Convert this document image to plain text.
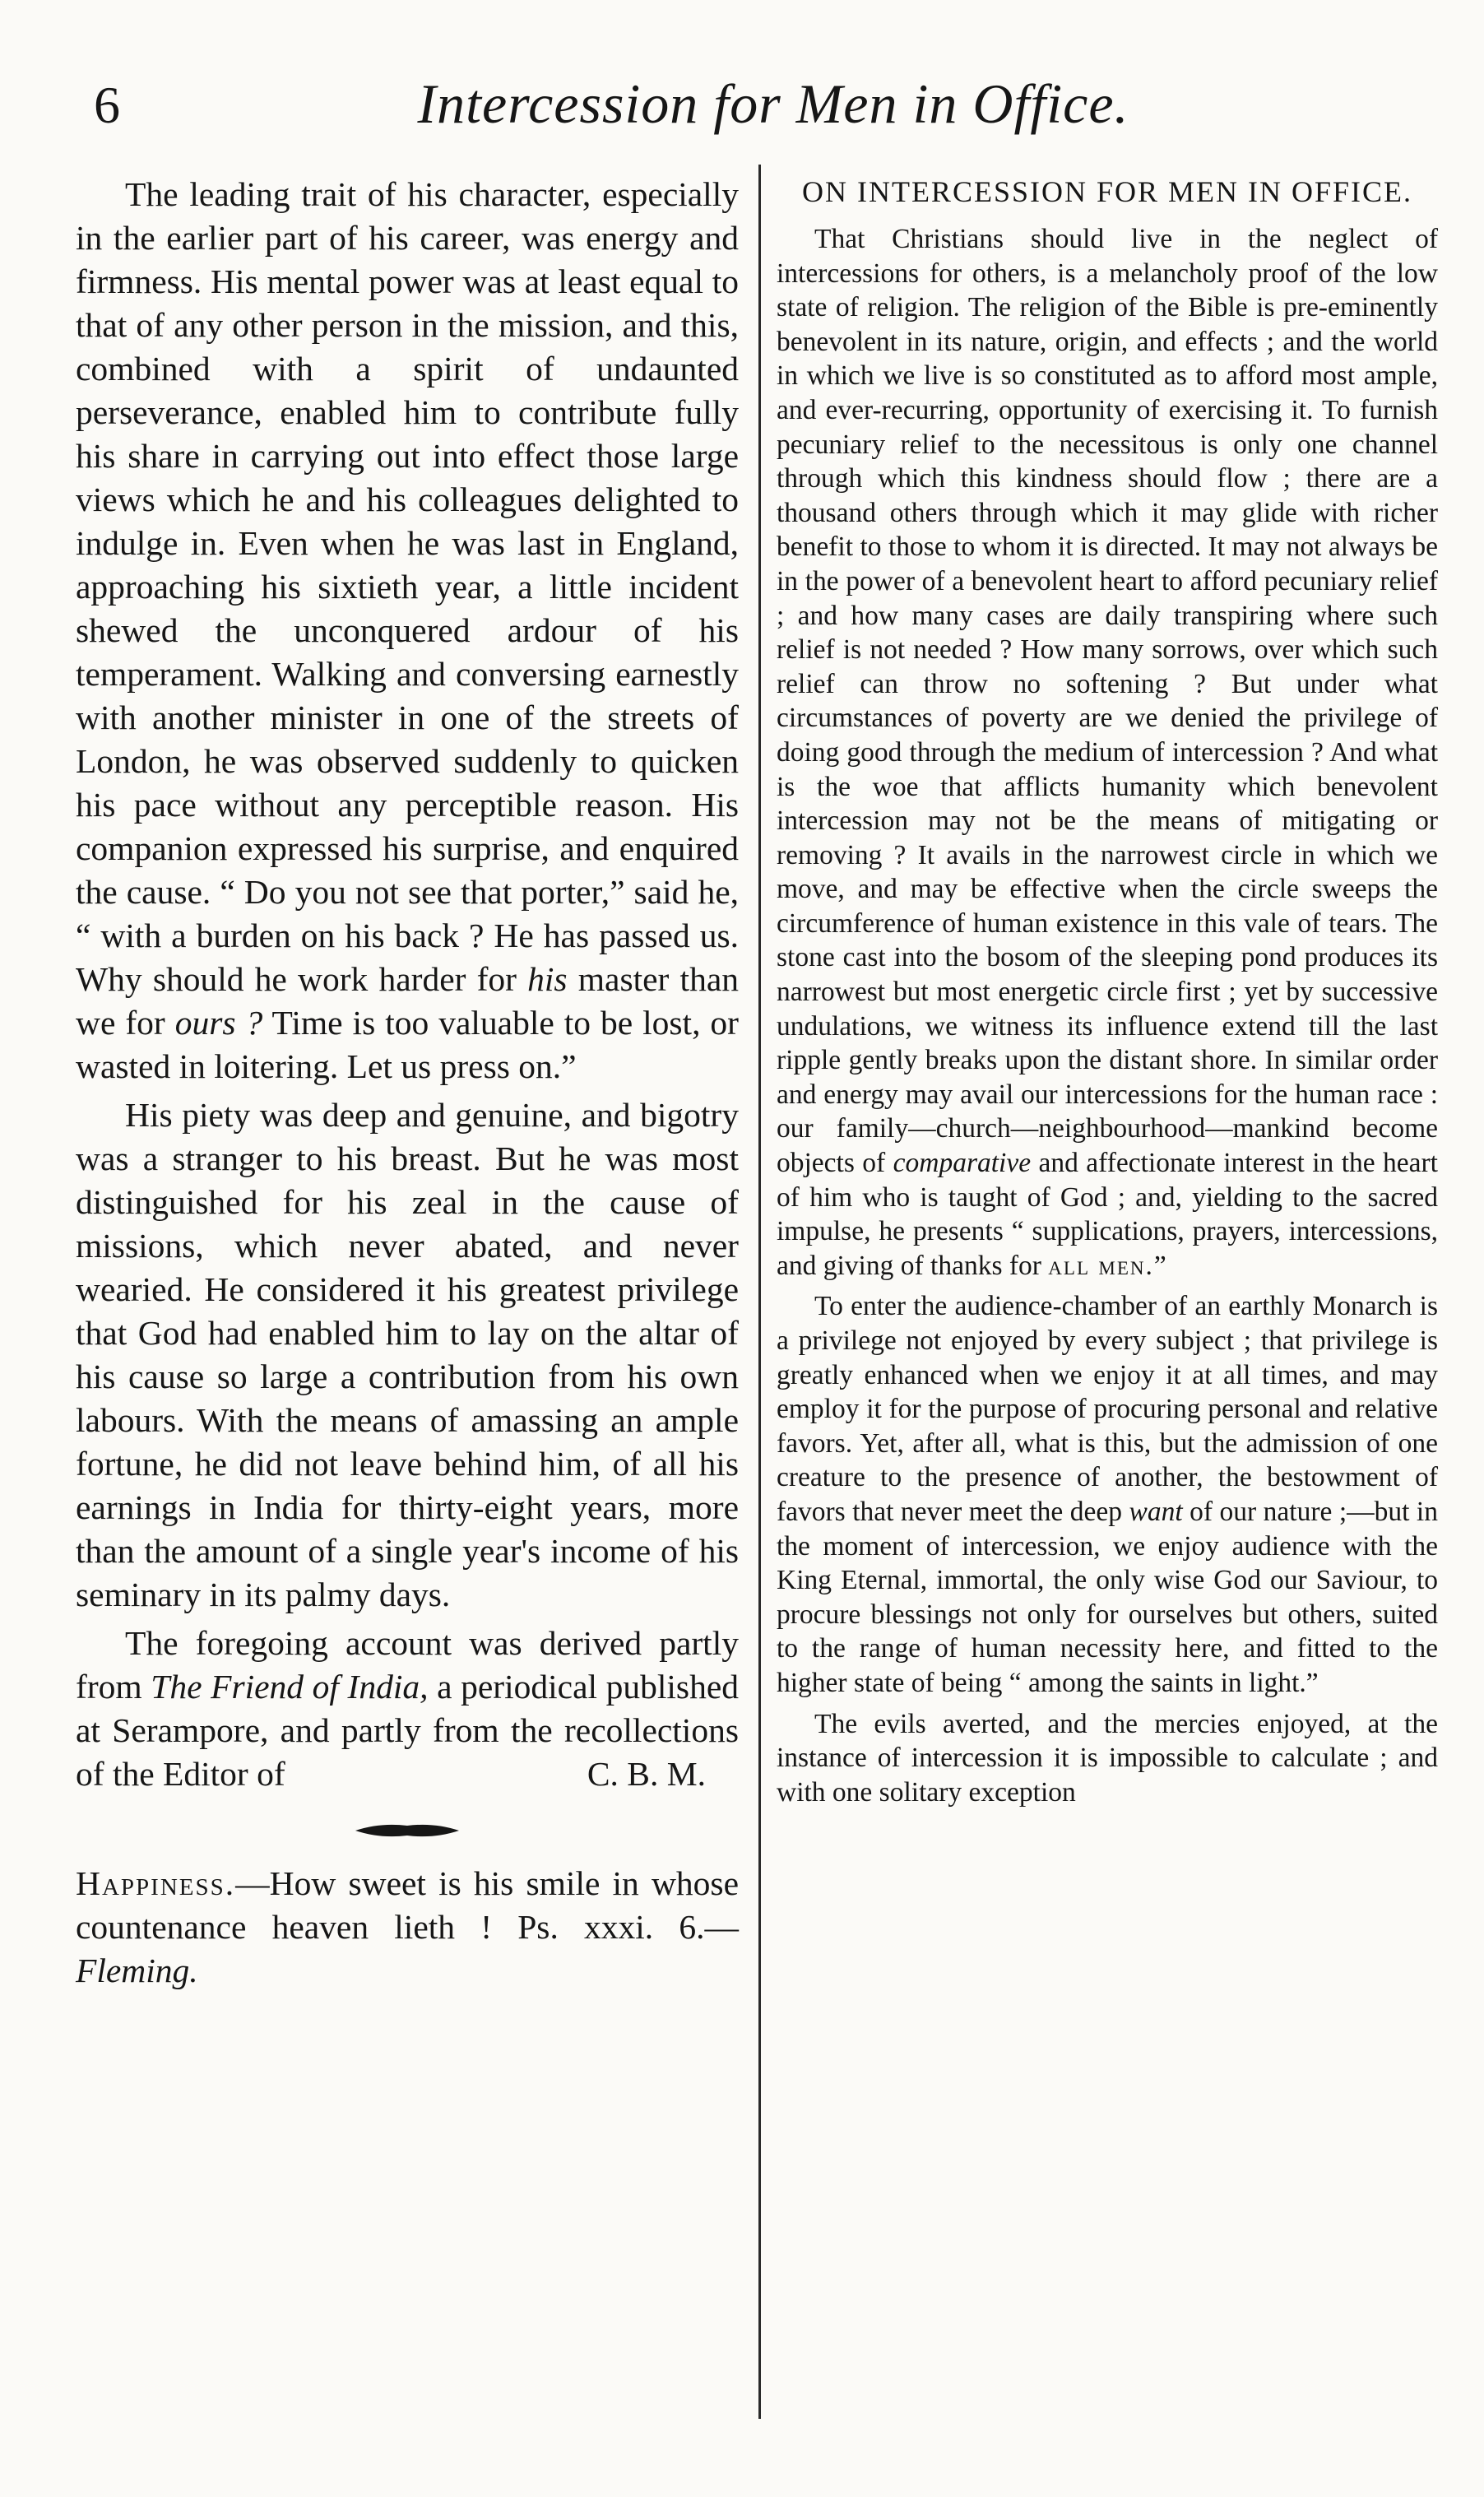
6	Intercession for Men in Office.

The leading trait of his character, especially in the earlier part of his career, was energy and firmness. His mental power was at least equal to that of any other person in the mission, and this, combined with a spirit of undaunted perseverance, enabled him to contribute fully his share in carrying out into effect those large views which he and his colleagues delighted to indulge in. Even when he was last in England, approaching his sixtieth year, a little incident shewed the unconquered ardour of his temperament. Walking and conversing earnestly with another minister in one of the streets of London, he was observed suddenly to quicken his pace without any perceptible reason. His companion expressed his surprise, and enquired the cause. “ Do you not see that porter,” said he, “ with a burden on his back ? He has passed us. Why should he work harder for his master than we for ours ? Time is too valuable to be lost, or wasted in loitering. Let us press on.”

His piety was deep and genuine, and bigotry was a stranger to his breast. But he was most distinguished for his zeal in the cause of missions, which never abated, and never wearied. He considered it his greatest privilege that God had enabled him to lay on the altar of his cause so large a contribution from his own labours. With the means of amassing an ample fortune, he did not leave behind him, of all his earnings in India for thirty-eight years, more than the amount of a single year's income of his seminary in its palmy days.

The foregoing account was derived partly from The Friend of India, a periodical published at Serampore, and partly from the recollections of the Editor of	C. B. M.

Happiness.—How sweet is his smile in whose countenance heaven lieth ! Ps. xxxi. 6.—Fleming.

ON INTERCESSION FOR MEN IN OFFICE.

That Christians should live in the neglect of intercessions for others, is a melancholy proof of the low state of religion. The religion of the Bible is pre-eminently benevolent in its nature, origin, and effects ; and the world in which we live is so constituted as to afford most ample, and ever-recurring, opportunity of exercising it. To furnish pecuniary relief to the necessitous is only one channel through which this kindness should flow ; there are a thousand others through which it may glide with richer benefit to those to whom it is directed. It may not always be in the power of a benevolent heart to afford pecuniary relief ; and how many cases are daily transpiring where such relief is not needed ? How many sorrows, over which such relief can throw no softening ? But under what circumstances of poverty are we denied the privilege of doing good through the medium of intercession ? And what is the woe that afflicts humanity which benevolent intercession may not be the means of mitigating or removing ? It avails in the narrowest circle in which we move, and may be effective when the circle sweeps the circumference of human existence in this vale of tears. The stone cast into the bosom of the sleeping pond produces its narrowest but most energetic circle first ; yet by successive undulations, we witness its influence extend till the last ripple gently breaks upon the distant shore. In similar order and energy may avail our intercessions for the human race : our family—church—neighbourhood—mankind become objects of comparative and affectionate interest in the heart of him who is taught of God ; and, yielding to the sacred impulse, he presents “ supplications, prayers, intercessions, and giving of thanks for all men.”

To enter the audience-chamber of an earthly Monarch is a privilege not enjoyed by every subject ; that privilege is greatly enhanced when we enjoy it at all times, and may employ it for the purpose of procuring personal and relative favors. Yet, after all, what is this, but the admission of one creature to the presence of another, the bestowment of favors that never meet the deep want of our nature ;—but in the moment of intercession, we enjoy audience with the King Eternal, immortal, the only wise God our Saviour, to procure blessings not only for ourselves but others, suited to the range of human necessity here, and fitted to the higher state of being “ among the saints in light.”

The evils averted, and the mercies enjoyed, at the instance of intercession it is impossible to calculate ; and with one solitary exception
